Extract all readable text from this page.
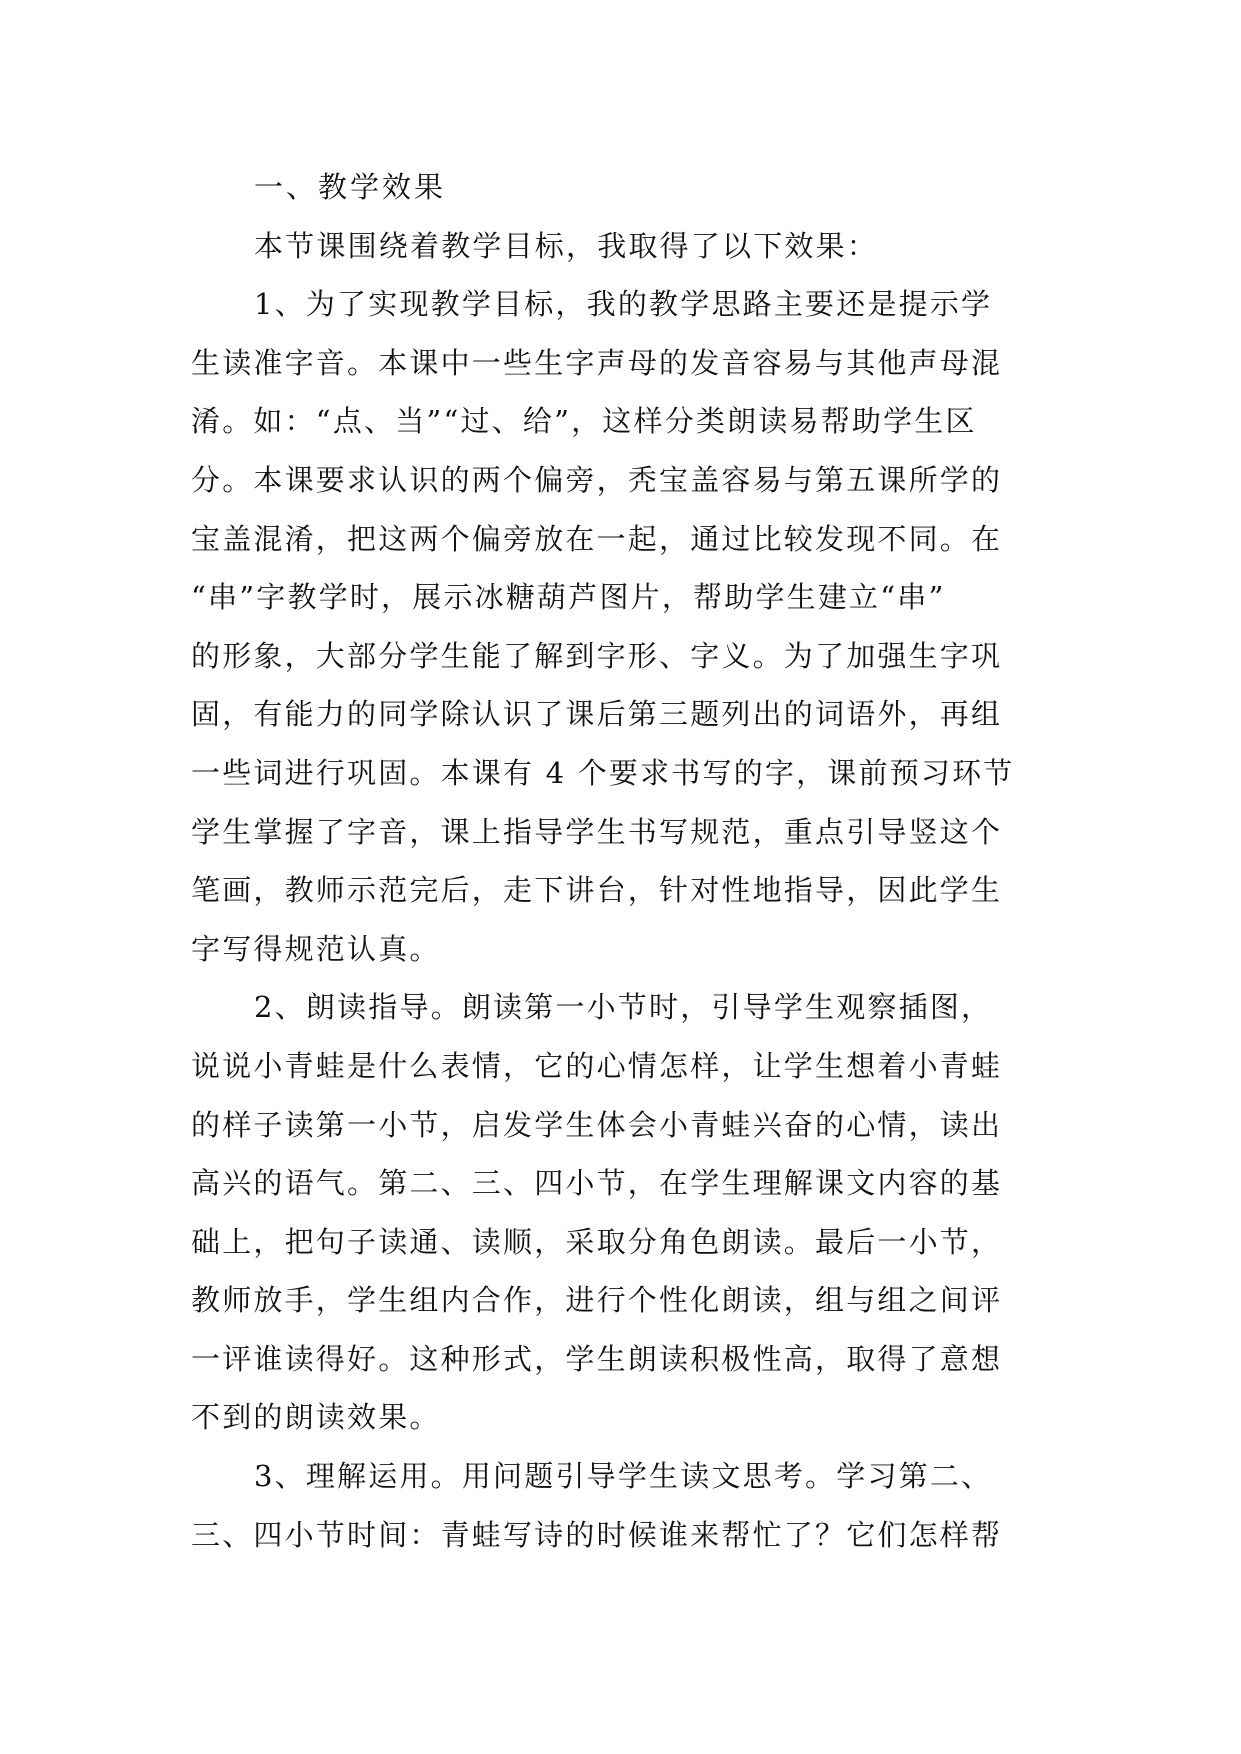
一、教学效果
本节课围绕着教学目标，我取得了以下效果：
1、为了实现教学目标，我的教学思路主要还是提示学
生读准字音。本课中一些生字声母的发音容易与其他声母混
淆。如：“点、当”“过、给”，这样分类朗读易帮助学生区
分。本课要求认识的两个偏旁，秃宝盖容易与第五课所学的
宝盖混淆，把这两个偏旁放在一起，通过比较发现不同。在
“串”字教学时，展示冰糖葫芦图片，帮助学生建立“串”
的形象，大部分学生能了解到字形、字义。为了加强生字巩
固，有能力的同学除认识了课后第三题列出的词语外，再组
一些词进行巩固。本课有 4 个要求书写的字，课前预习环节
学生掌握了字音，课上指导学生书写规范，重点引导竖这个
笔画，教师示范完后，走下讲台，针对性地指导，因此学生
字写得规范认真。
2、朗读指导。朗读第一小节时，引导学生观察插图，
说说小青蛙是什么表情，它的心情怎样，让学生想着小青蛙
的样子读第一小节，启发学生体会小青蛙兴奋的心情，读出
高兴的语气。第二、三、四小节，在学生理解课文内容的基
础上，把句子读通、读顺，采取分角色朗读。最后一小节，
教师放手，学生组内合作，进行个性化朗读，组与组之间评
一评谁读得好。这种形式，学生朗读积极性高，取得了意想
不到的朗读效果。
3、理解运用。用问题引导学生读文思考。学习第二、
三、四小节时间：青蛙写诗的时候谁来帮忙了？它们怎样帮
